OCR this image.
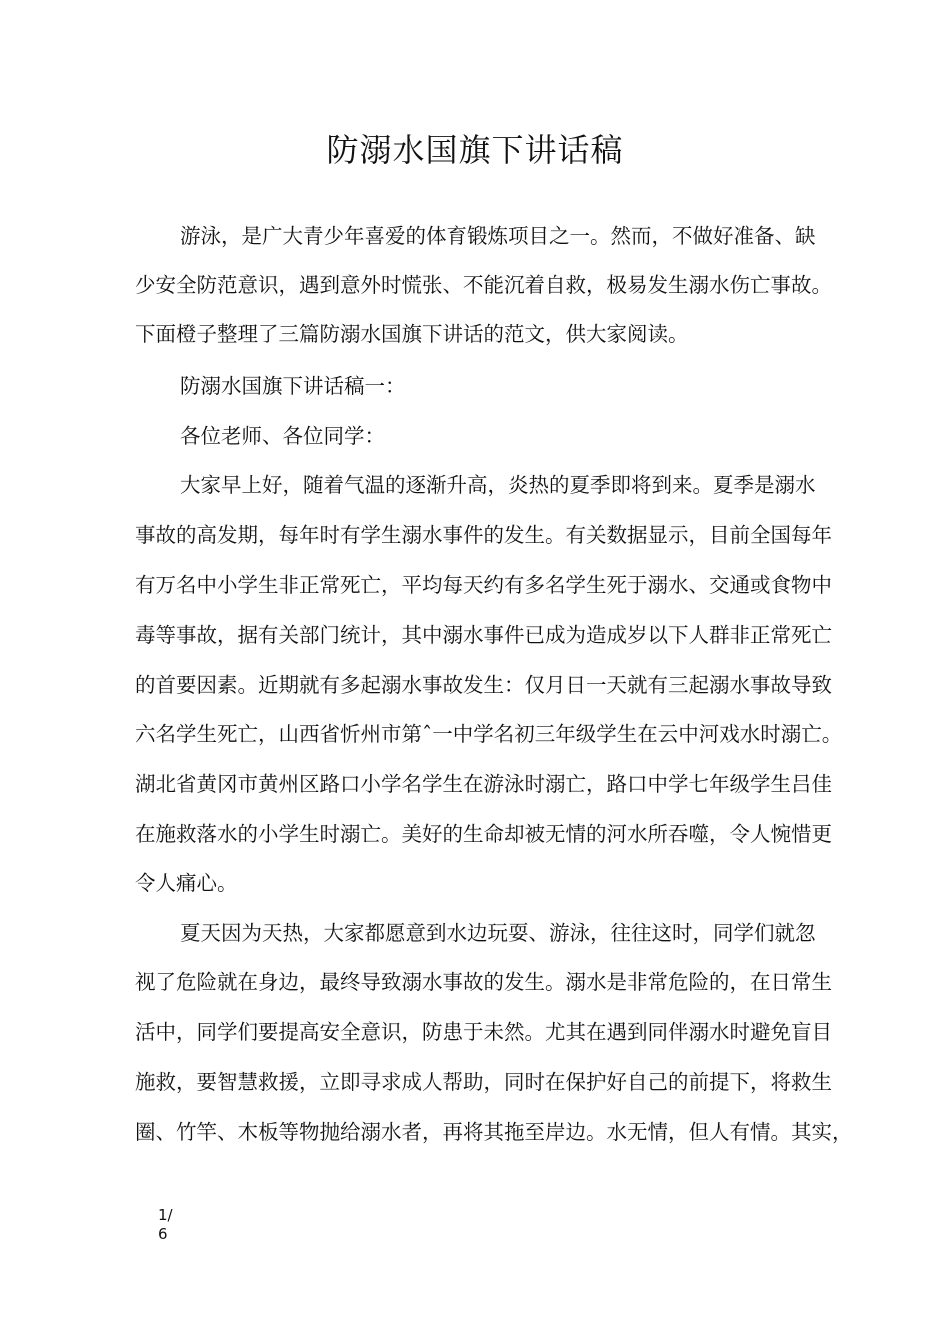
防溺水国旗下讲话稿

游泳，是广大青少年喜爱的体育锻炼项目之一。然而，不做好准备、缺

少安全防范意识，遇到意外时慌张、不能沉着自救，极易发生溺水伤亡事故。

下面橙子整理了三篇防溺水国旗下讲话的范文，供大家阅读。

防溺水国旗下讲话稿一：

各位老师、各位同学：

大家早上好，随着气温的逐渐升高，炎热的夏季即将到来。夏季是溺水

事故的高发期，每年时有学生溺水事件的发生。有关数据显示，目前全国每年

有万名中小学生非正常死亡，平均每天约有多名学生死于溺水、交通或食物中

毒等事故，据有关部门统计，其中溺水事件已成为造成岁以下人群非正常死亡

的首要因素。近期就有多起溺水事故发生：仅月日一天就有三起溺水事故导致

六名学生死亡，山西省忻州市第ˆ一中学名初三年级学生在云中河戏水时溺亡。

湖北省黄冈市黄州区路口小学名学生在游泳时溺亡，路口中学七年级学生吕佳

在施救落水的小学生时溺亡。美好的生命却被无情的河水所吞噬，令人惋惜更

令人痛心。

夏天因为天热，大家都愿意到水边玩耍、游泳，往往这时，同学们就忽

视了危险就在身边，最终导致溺水事故的发生。溺水是非常危险的，在日常生

活中，同学们要提高安全意识，防患于未然。尤其在遇到同伴溺水时避免盲目

施救，要智慧救援，立即寻求成人帮助，同时在保护好自己的前提下，将救生

圈、竹竿、木板等物抛给溺水者，再将其拖至岸边。水无情，但人有情。其实，

1/
6
